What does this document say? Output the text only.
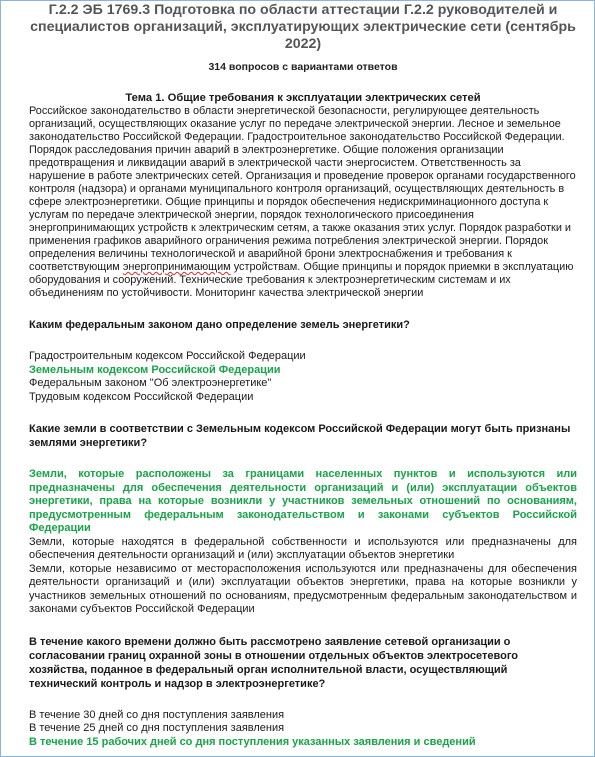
Г.2.2 ЭБ 1769.3 Подготовка по области аттестации Г.2.2 руководителей и специалистов организаций, эксплуатирующих электрические сети (сентябрь 2022)
314 вопросов с вариантами ответов
Тема 1. Общие требования к эксплуатации электрических сетей
Российское законодательство в области энергетической безопасности, регулирующее деятельность организаций, осуществляющих оказание услуг по передаче электрической энергии. Лесное и земельное законодательство Российской Федерации. Градостроительное законодательство Российской Федерации. Порядок расследования причин аварий в электроэнергетике. Общие положения организации предотвращения и ликвидации аварий в электрической части энергосистем. Ответственность за нарушение в работе электрических сетей. Организация и проведение проверок органами государственного контроля (надзора) и органами муниципального контроля организаций, осуществляющих деятельность в сфере электроэнергетики. Общие принципы и порядок обеспечения недискриминационного доступа к услугам по передаче электрической энергии, порядок технологического присоединения энергопринимающих устройств к электрическим сетям, а также оказания этих услуг. Порядок разработки и применения графиков аварийного ограничения режима потребления электрической энергии. Порядок определения величины технологической и аварийной брони электроснабжения и требования к соответствующим энергопринимающим устройствам. Общие принципы и порядок приемки в эксплуатацию оборудования и сооружений. Технические требования к электроэнергетическим системам и их объединениям по устойчивости. Мониторинг качества электрической энергии
Каким федеральным законом дано определение земель энергетики?
Градостроительным кодексом Российской Федерации
Земельным кодексом Российской Федерации
Федеральным законом "Об электроэнергетике"
Трудовым кодексом Российской Федерации
Какие земли в соответствии с Земельным кодексом Российской Федерации могут быть признаны землями энергетики?
Земли, которые расположены за границами населенных пунктов и используются или предназначены для обеспечения деятельности организаций и (или) эксплуатации объектов энергетики, права на которые возникли у участников земельных отношений по основаниям, предусмотренным федеральным законодательством и законами субъектов Российской Федерации
Земли, которые находятся в федеральной собственности и используются или предназначены для обеспечения деятельности организаций и (или) эксплуатации объектов энергетики
Земли, которые независимо от месторасположения используются или предназначены для обеспечения деятельности организаций и (или) эксплуатации объектов энергетики, права на которые возникли у участников земельных отношений по основаниям, предусмотренным федеральным законодательством и законами субъектов Российской Федерации
В течение какого времени должно быть рассмотрено заявление сетевой организации о согласовании границ охранной зоны в отношении отдельных объектов электросетевого хозяйства, поданное в федеральный орган исполнительной власти, осуществляющий технический контроль и надзор в электроэнергетике?
В течение 30 дней со дня поступления заявления
В течение 25 дней со дня поступления заявления
В течение 15 рабочих дней со дня поступления указанных заявления и сведений
